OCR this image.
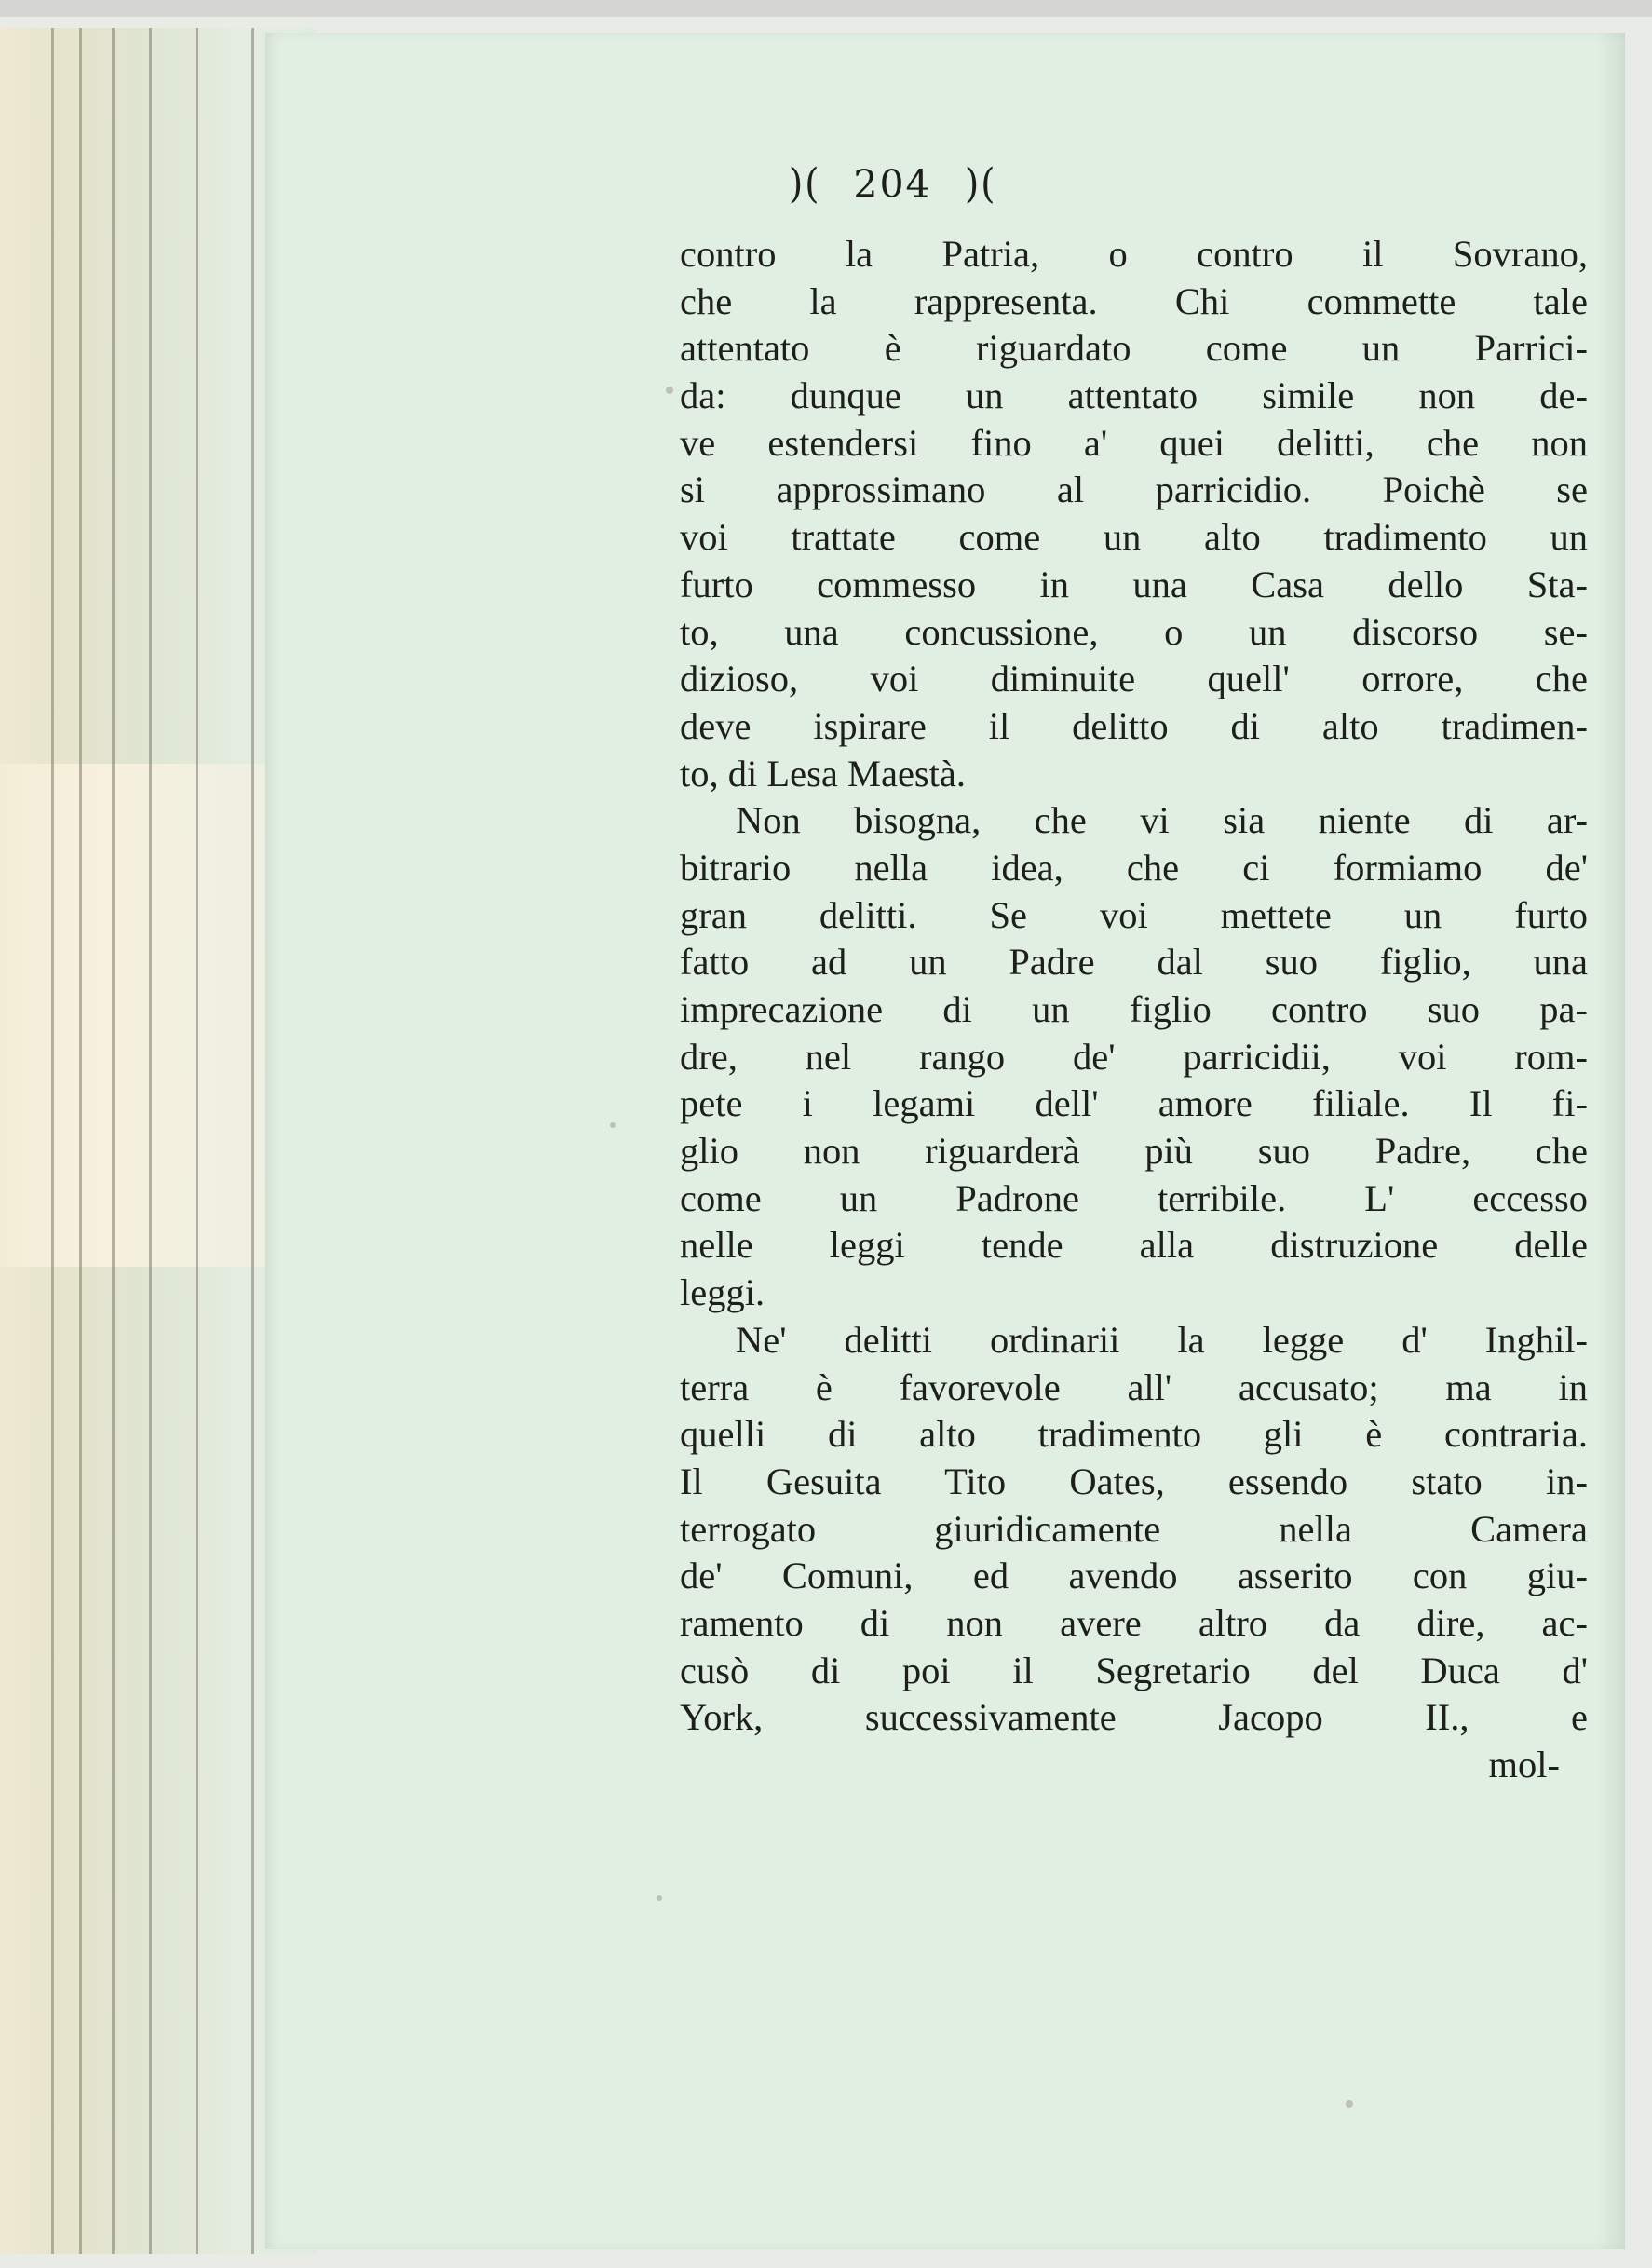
)( 204 )(
contro la Patria, o contro il Sovrano,
che la rappresenta. Chi commette tale
attentato è riguardato come un Parrici-
da: dunque un attentato simile non de-
ve estendersi fino a' quei delitti, che non
si approssimano al parricidio. Poichè se
voi trattate come un alto tradimento un
furto commesso in una Casa dello Sta-
to, una concussione, o un discorso se-
dizioso, voi diminuite quell' orrore, che
deve ispirare il delitto di alto tradimen-
to, di Lesa Maestà.
Non bisogna, che vi sia niente di ar-
bitrario nella idea, che ci formiamo de'
gran delitti. Se voi mettete un furto
fatto ad un Padre dal suo figlio, una
imprecazione di un figlio contro suo pa-
dre, nel rango de' parricidii, voi rom-
pete i legami dell' amore filiale. Il fi-
glio non riguarderà più suo Padre, che
come un Padrone terribile. L' eccesso
nelle leggi tende alla distruzione delle
leggi.
Ne' delitti ordinarii la legge d' Inghil-
terra è favorevole all' accusato; ma in
quelli di alto tradimento gli è contraria.
Il Gesuita Tito Oates, essendo stato in-
terrogato giuridicamente nella Camera
de' Comuni, ed avendo asserito con giu-
ramento di non avere altro da dire, ac-
cusò di poi il Segretario del Duca d'
York, successivamente Jacopo II., e
mol-
